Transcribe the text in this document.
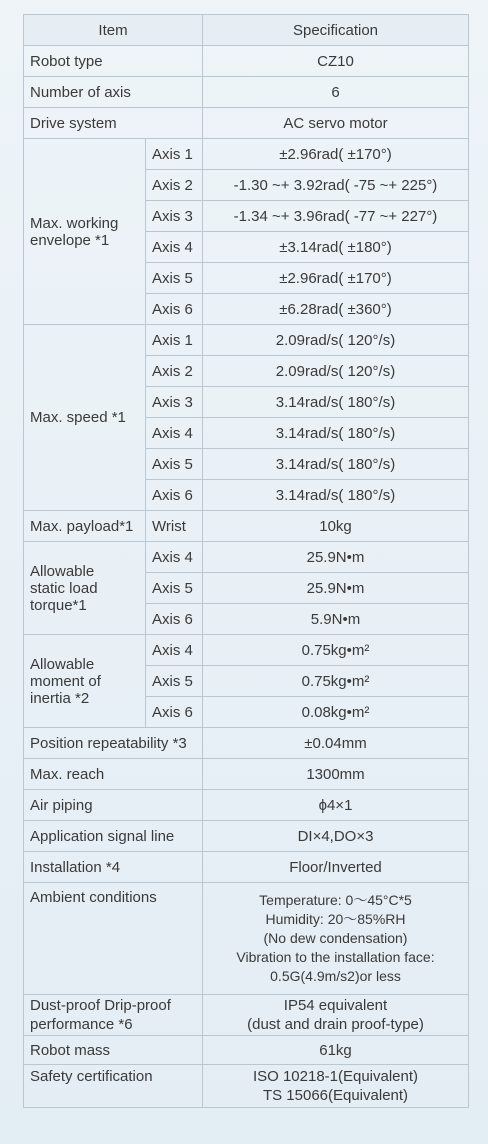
Item		Specification
Robot type		CZ10
Number of axis		6
Drive system		AC servo motor

Max. working
envelope *1	Axis 1	±2.96rad( ±170°)
	Axis 2	-1.30 ~+ 3.92rad( -75 ~+ 225°)
	Axis 3	-1.34 ~+ 3.96rad( -77 ~+ 227°)
	Axis 4	±3.14rad( ±180°)
	Axis 5	±2.96rad( ±170°)
	Axis 6	±6.28rad( ±360°)
Max. speed *1	Axis 1	2.09rad/s( 120°/s)
	Axis 2	2.09rad/s( 120°/s)
	Axis 3	3.14rad/s( 180°/s)
	Axis 4	3.14rad/s( 180°/s)
	Axis 5	3.14rad/s( 180°/s)
	Axis 6	3.14rad/s( 180°/s)
Max. payload*1	Wrist	10kg

Allowable
static load
torque*1	Axis 4	25.9N•m
	Axis 5	25.9N•m
	Axis 6	5.9N•m

Allowable
moment of
inertia *2	Axis 4	0.75kg•m²
	Axis 5	0.75kg•m²
	Axis 6	0.08kg•m²
Position repeatability *3		±0.04mm
Max. reach		1300mm
Air piping		ϕ4×1
Application signal line		DI×4,DO×3
Installation *4		Floor/Inverted
Ambient conditions		Temperature: 0～45°C*5
Humidity: 20～85%RH
(No dew condensation)
Vibration to the installation face:
0.5G(4.9m/s2)or less

Dust-proof Drip-proof
performance *6		IP54 equivalent
(dust and drain proof-type)

Robot mass		61kg
Safety certification		ISO 10218-1(Equivalent)
TS 15066(Equivalent)
